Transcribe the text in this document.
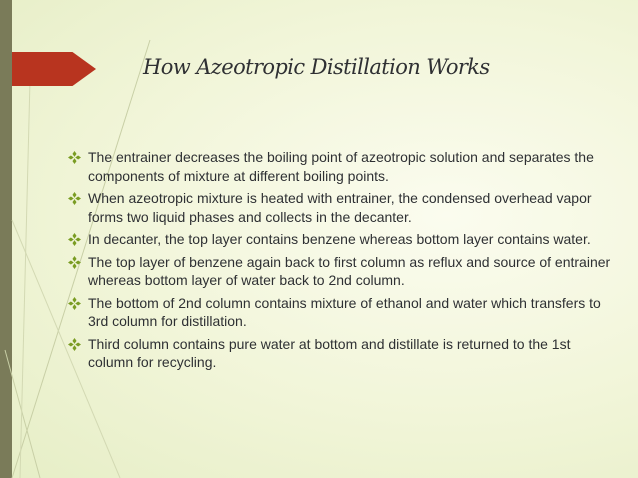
How Azeotropic Distillation Works
The entrainer decreases the boiling point of azeotropic solution and separates the components of mixture at different boiling points.
When azeotropic mixture is heated with entrainer, the condensed overhead vapor forms two liquid phases and collects in the decanter.
In decanter, the top layer contains benzene whereas bottom layer contains water.
The top layer of benzene again back to first column as reflux and source of entrainer whereas bottom layer of water back to 2nd column.
The bottom of 2nd column contains mixture of ethanol and water which transfers to 3rd column for distillation.
Third column contains pure water at bottom and distillate is returned to the 1st column for recycling.
